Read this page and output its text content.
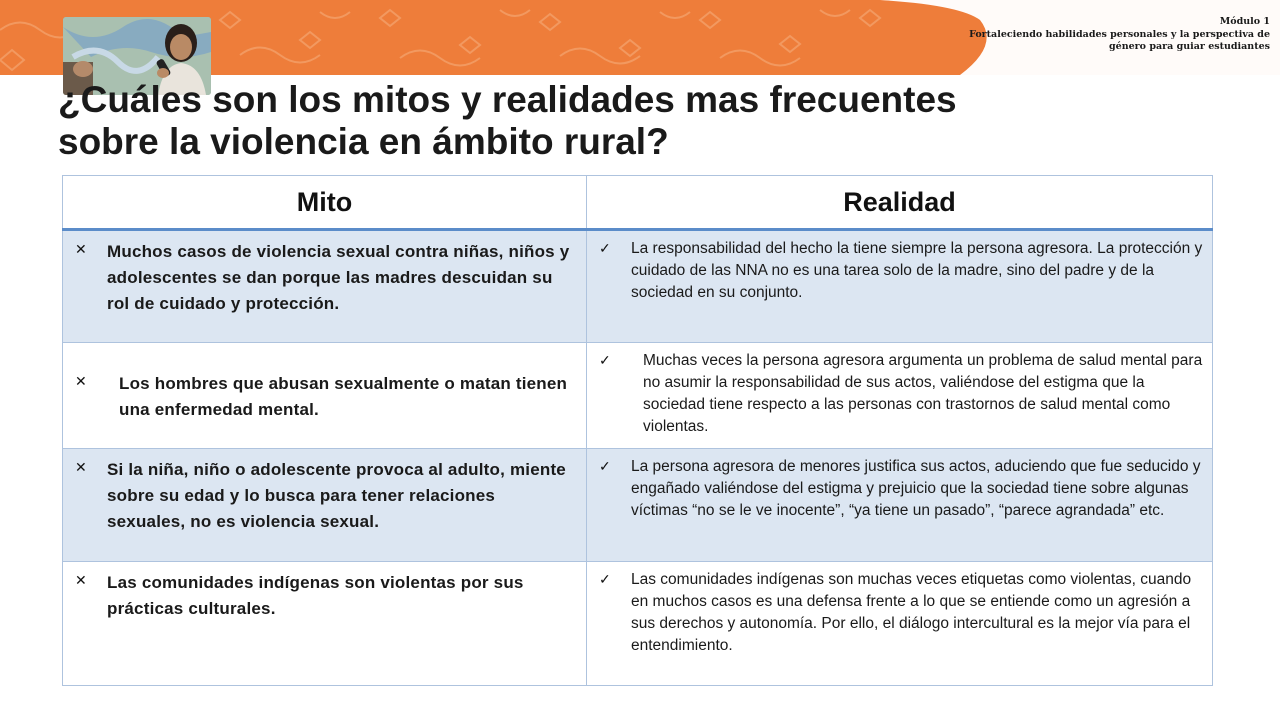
Módulo 1
Fortaleciendo habilidades personales y la perspectiva de
género para guiar estudiantes
¿Cuáles son los mitos y realidades mas frecuentes
sobre la violencia en ámbito rural?
Mito	Realidad

✕ Muchos casos de violencia sexual contra niñas, niños y adolescentes se dan porque las madres descuidan su rol de cuidado y protección.	✓ La responsabilidad del hecho la tiene siempre la persona agresora. La protección y cuidado de las NNA no es una tarea solo de la madre, sino del padre y de la sociedad en su conjunto.

✕ Los hombres que abusan sexualmente o matan tienen una enfermedad mental.	✓ Muchas veces la persona agresora argumenta un problema de salud mental para no asumir la responsabilidad de sus actos, valiéndose del estigma que la sociedad tiene respecto a las personas con trastornos de salud mental como violentas.

✕ Si la niña, niño o adolescente provoca al adulto, miente sobre su edad y lo busca para tener relaciones sexuales, no es violencia sexual.	✓ La persona agresora de menores justifica sus actos, aduciendo que fue seducido y engañado valiéndose del estigma y prejuicio que la sociedad tiene sobre algunas víctimas “no se le ve inocente”, “ya tiene un pasado”, “parece agrandada” etc.

✕ Las comunidades indígenas son violentas por sus prácticas culturales.	✓ Las comunidades indígenas son muchas veces etiquetas como violentas, cuando en muchos casos es una defensa frente a lo que se entiende como un agresión a sus derechos y autonomía. Por ello, el diálogo intercultural es la mejor vía para el entendimiento.
